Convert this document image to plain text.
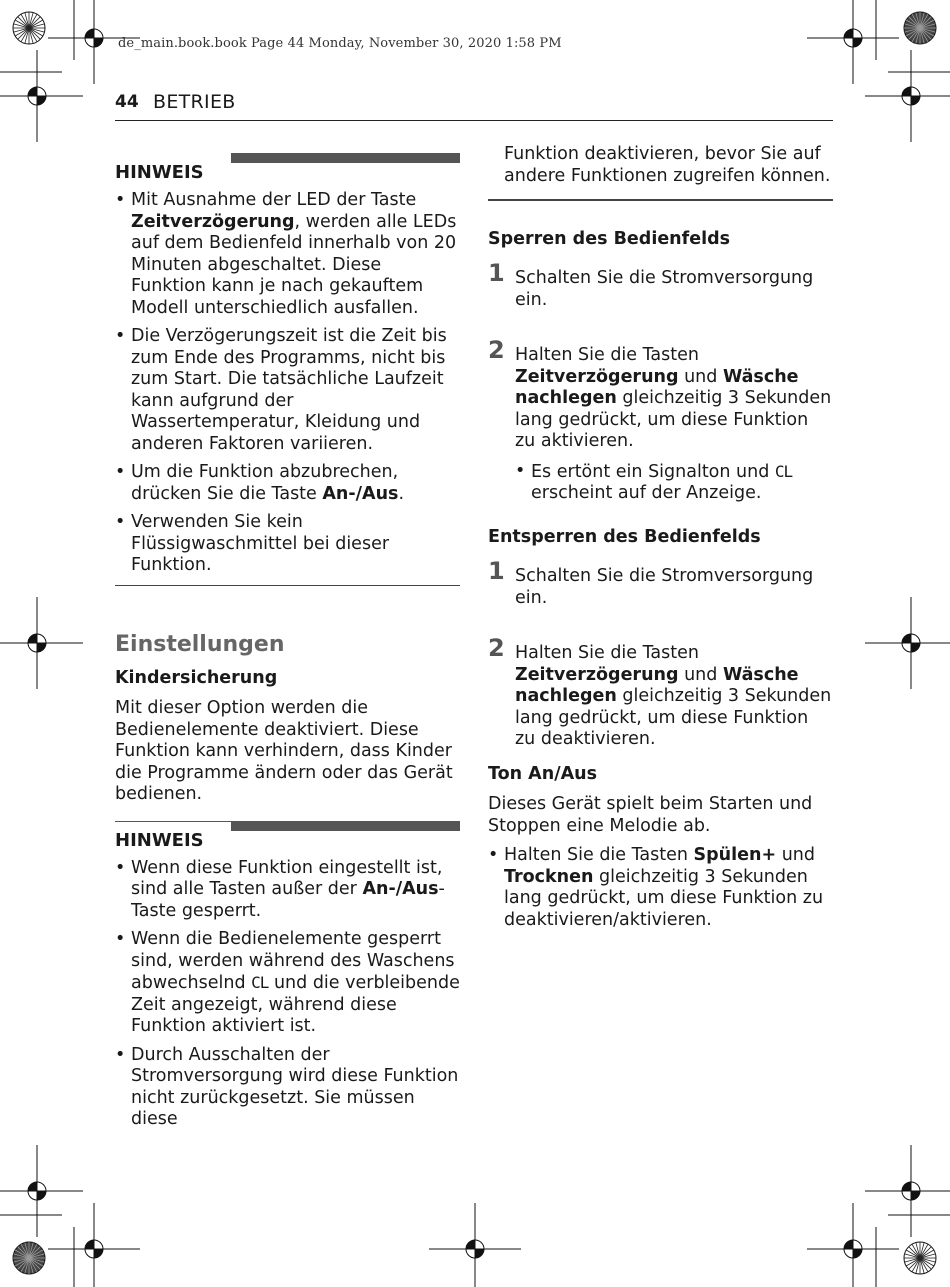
de_main.book.book Page 44 Monday, November 30, 2020 1:58 PM
44 BETRIEB
HINWEIS
• Mit Ausnahme der LED der Taste Zeitverzögerung, werden alle LEDs auf dem Bedienfeld innerhalb von 20 Minuten abgeschaltet. Diese Funktion kann je nach gekauftem Modell unterschiedlich ausfallen.
• Die Verzögerungszeit ist die Zeit bis zum Ende des Programms, nicht bis zum Start. Die tatsächliche Laufzeit kann aufgrund der Wassertemperatur, Kleidung und anderen Faktoren variieren.
• Um die Funktion abzubrechen, drücken Sie die Taste An-/Aus.
• Verwenden Sie kein Flüssigwaschmittel bei dieser Funktion.

Einstellungen

Kindersicherung

Mit dieser Option werden die Bedienelemente deaktiviert. Diese Funktion kann verhindern, dass Kinder die Programme ändern oder das Gerät bedienen.

HINWEIS
• Wenn diese Funktion eingestellt ist, sind alle Tasten außer der An-/Aus-Taste gesperrt.
• Wenn die Bedienelemente gesperrt sind, werden während des Waschens abwechselnd CL und die verbleibende Zeit angezeigt, während diese Funktion aktiviert ist.
• Durch Ausschalten der Stromversorgung wird diese Funktion nicht zurückgesetzt. Sie müssen diese

Funktion deaktivieren, bevor Sie auf andere Funktionen zugreifen können.

Sperren des Bedienfelds

1 Schalten Sie die Stromversorgung ein.

2 Halten Sie die Tasten Zeitverzögerung und Wäsche nachlegen gleichzeitig 3 Sekunden lang gedrückt, um diese Funktion zu aktivieren.

• Es ertönt ein Signalton und CL erscheint auf der Anzeige.

Entsperren des Bedienfelds

1 Schalten Sie die Stromversorgung ein.

2 Halten Sie die Tasten Zeitverzögerung und Wäsche nachlegen gleichzeitig 3 Sekunden lang gedrückt, um diese Funktion zu deaktivieren.

Ton An/Aus

Dieses Gerät spielt beim Starten und Stoppen eine Melodie ab.

• Halten Sie die Tasten Spülen+ und Trocknen gleichzeitig 3 Sekunden lang gedrückt, um diese Funktion zu deaktivieren/aktivieren.
